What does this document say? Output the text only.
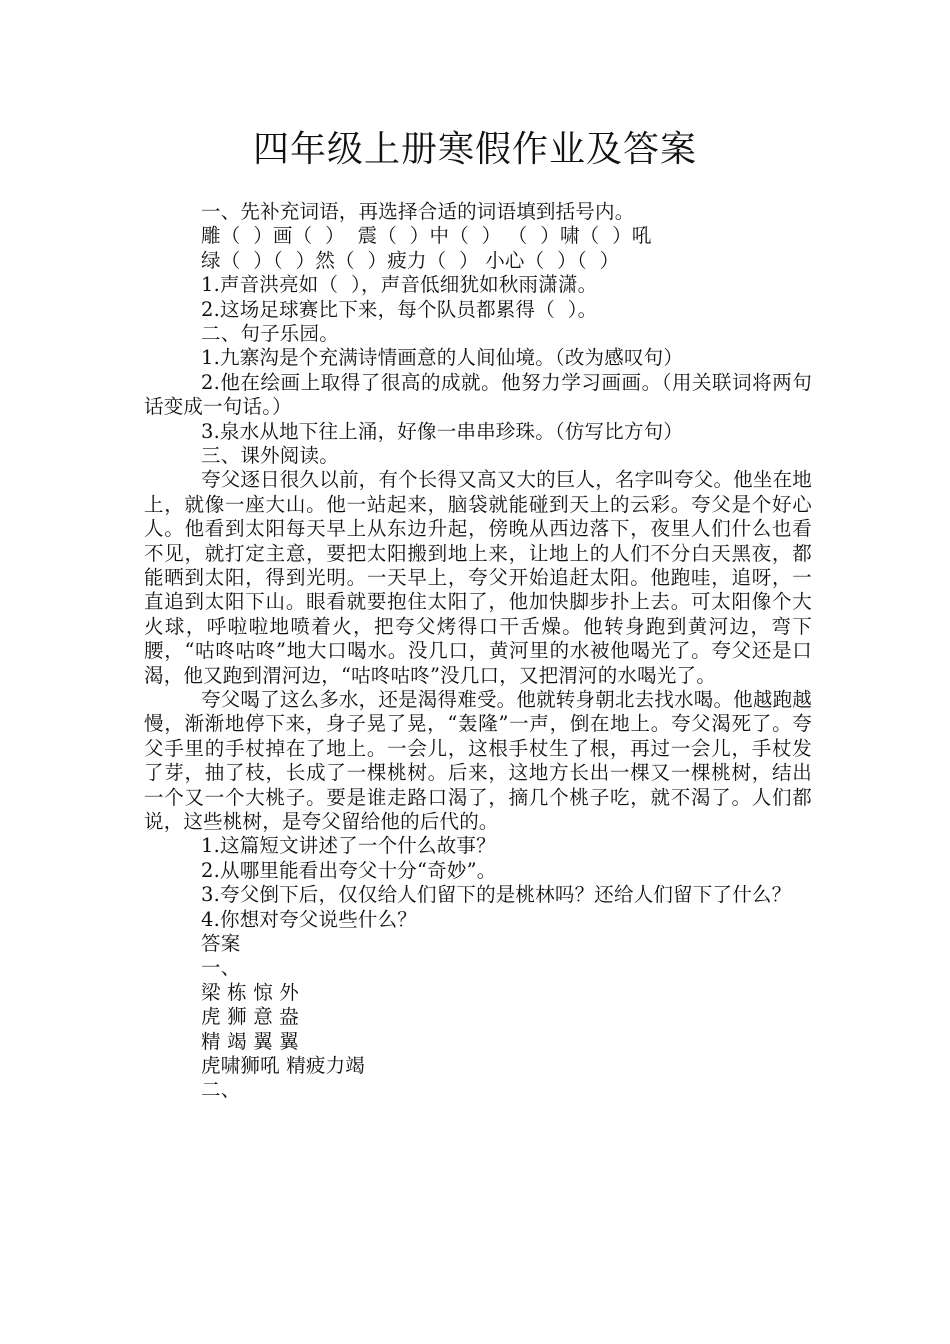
四年级上册寒假作业及答案
一、先补充词语，再选择合适的词语填到括号内。
雕（  ）画（  ）  震（  ）中（  ） （  ）啸（  ）吼
绿（  ）（  ）然（  ）疲力（  ） 小心（  ）（  ）
1.声音洪亮如（  ），声音低细犹如秋雨潇潇。
2.这场足球赛比下来，每个队员都累得（  ）。
二、句子乐园。
1.九寨沟是个充满诗情画意的人间仙境。（改为感叹句）
2.他在绘画上取得了很高的成就。他努力学习画画。（用关联词将两句话变成一句话。）
3.泉水从地下往上涌，好像一串串珍珠。（仿写比方句）
三、课外阅读。
夸父逐日很久以前，有个长得又高又大的巨人，名字叫夸父。他坐在地上，就像一座大山。他一站起来，脑袋就能碰到天上的云彩。夸父是个好心人。他看到太阳每天早上从东边升起，傍晚从西边落下，夜里人们什么也看不见，就打定主意，要把太阳搬到地上来，让地上的人们不分白天黑夜，都能晒到太阳，得到光明。一天早上，夸父开始追赶太阳。他跑哇，追呀，一直追到太阳下山。眼看就要抱住太阳了，他加快脚步扑上去。可太阳像个大火球，呼啦啦地喷着火，把夸父烤得口干舌燥。他转身跑到黄河边，弯下腰，“咕咚咕咚”地大口喝水。没几口，黄河里的水被他喝光了。夸父还是口渴，他又跑到渭河边，“咕咚咕咚”没几口，又把渭河的水喝光了。
夸父喝了这么多水，还是渴得难受。他就转身朝北去找水喝。他越跑越慢，渐渐地停下来，身子晃了晃，“轰隆”一声，倒在地上。夸父渴死了。夸父手里的手杖掉在了地上。一会儿，这根手杖生了根，再过一会儿，手杖发了芽，抽了枝，长成了一棵桃树。后来，这地方长出一棵又一棵桃树，结出一个又一个大桃子。要是谁走路口渴了，摘几个桃子吃，就不渴了。人们都说，这些桃树，是夸父留给他的后代的。
1.这篇短文讲述了一个什么故事？
2.从哪里能看出夸父十分“奇妙”。
3.夸父倒下后，仅仅给人们留下的是桃林吗？还给人们留下了什么？
4.你想对夸父说些什么？
答案
一、
梁 栋 惊 外
虎 狮 意 盎
精 竭 翼 翼
虎啸狮吼 精疲力竭
二、
